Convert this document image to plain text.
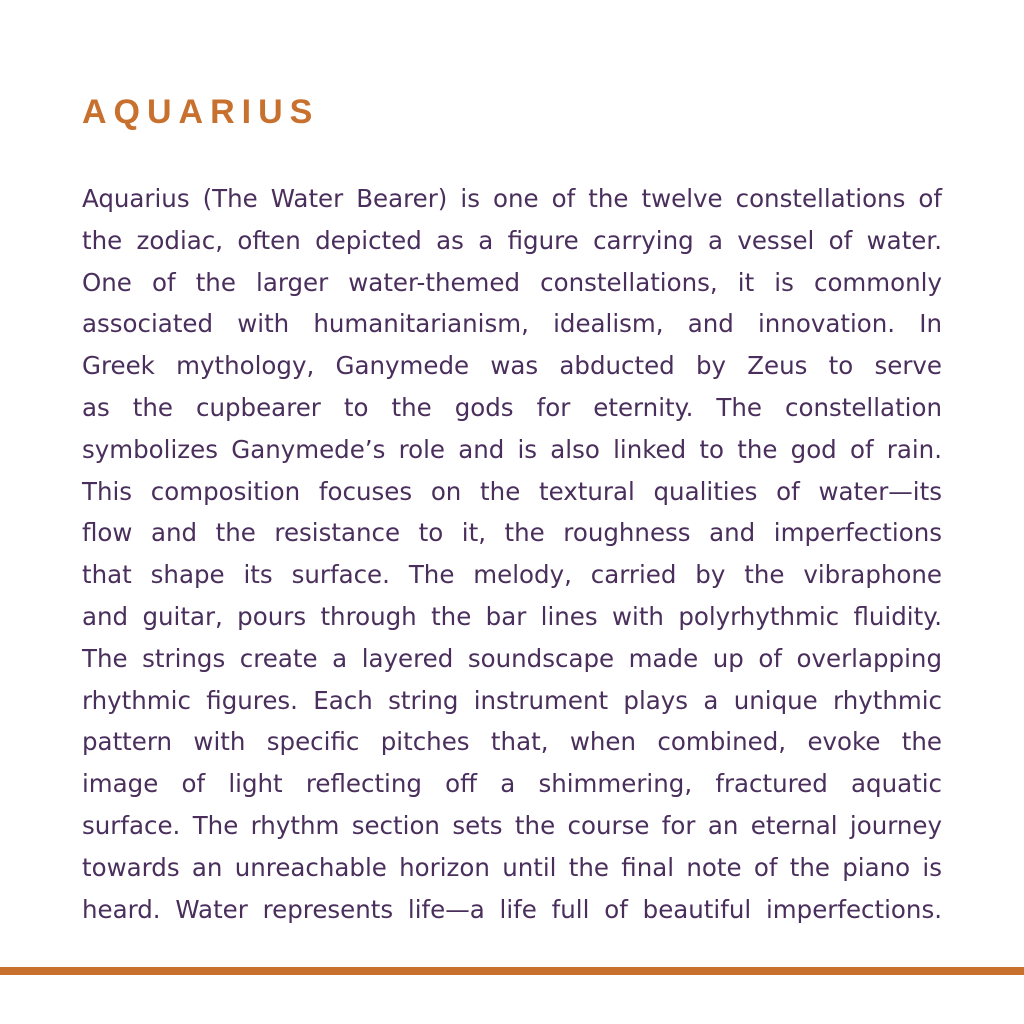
AQUARIUS
Aquarius (The Water Bearer) is one of the twelve constellations of
the zodiac, often depicted as a figure carrying a vessel of water.
One of the larger water-themed constellations, it is commonly
associated with humanitarianism, idealism, and innovation. In
Greek mythology, Ganymede was abducted by Zeus to serve
as the cupbearer to the gods for eternity. The constellation
symbolizes Ganymede’s role and is also linked to the god of rain.
This composition focuses on the textural qualities of water—its
flow and the resistance to it, the roughness and imperfections
that shape its surface. The melody, carried by the vibraphone
and guitar, pours through the bar lines with polyrhythmic fluidity.
The strings create a layered soundscape made up of overlapping
rhythmic figures. Each string instrument plays a unique rhythmic
pattern with specific pitches that, when combined, evoke the
image of light reflecting off a shimmering, fractured aquatic
surface. The rhythm section sets the course for an eternal journey
towards an unreachable horizon until the final note of the piano is
heard. Water represents life—a life full of beautiful imperfections.
